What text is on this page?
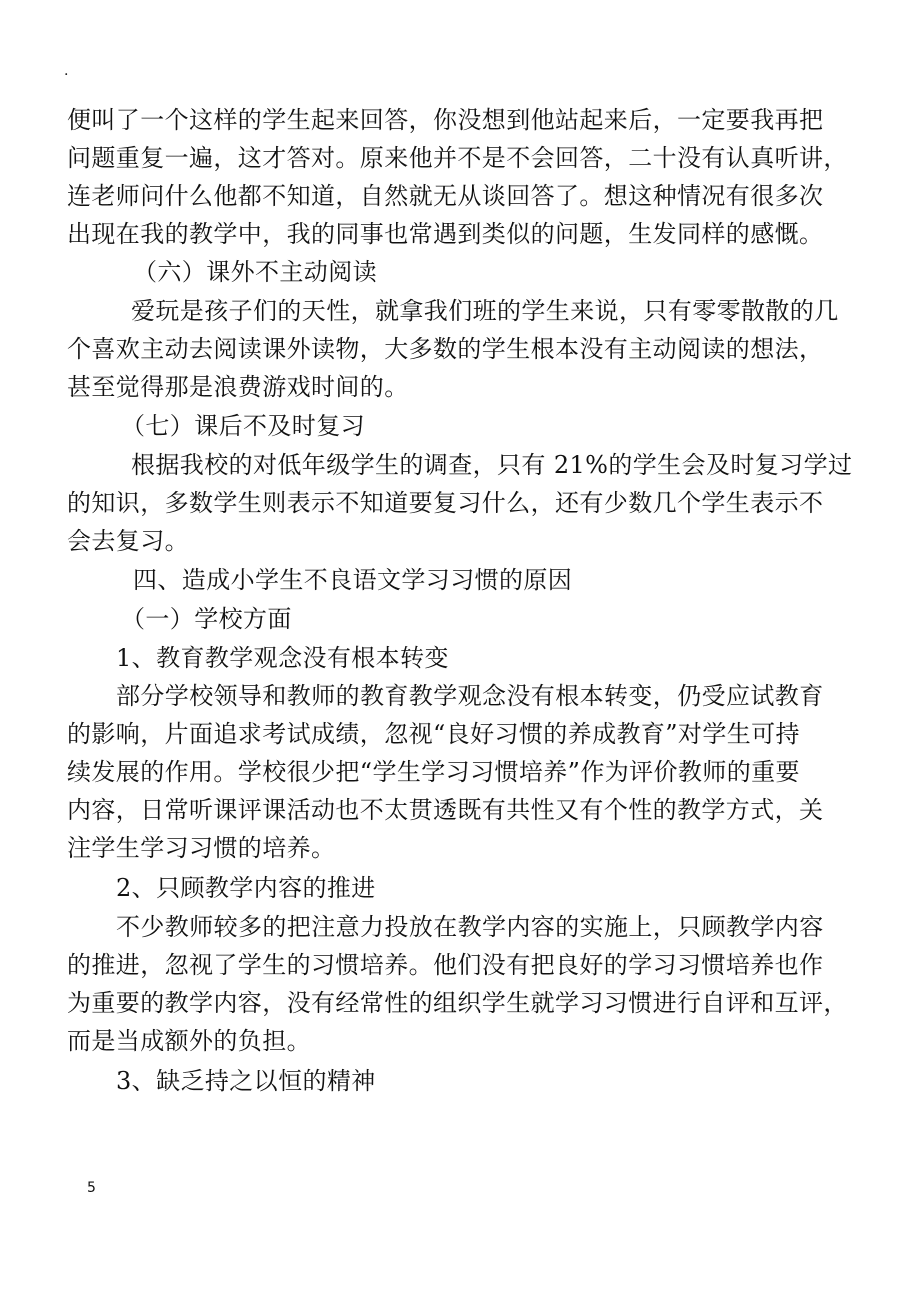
.
便叫了一个这样的学生起来回答，你没想到他站起来后，一定要我再把
问题重复一遍，这才答对。原来他并不是不会回答，二十没有认真听讲，
连老师问什么他都不知道，自然就无从谈回答了。想这种情况有很多次
出现在我的教学中，我的同事也常遇到类似的问题，生发同样的感慨。
（六）课外不主动阅读
爱玩是孩子们的天性，就拿我们班的学生来说，只有零零散散的几
个喜欢主动去阅读课外读物，大多数的学生根本没有主动阅读的想法，
甚至觉得那是浪费游戏时间的。
（七）课后不及时复习
根据我校的对低年级学生的调查，只有 21%的学生会及时复习学过
的知识，多数学生则表示不知道要复习什么，还有少数几个学生表示不
会去复习。
四、造成小学生不良语文学习习惯的原因
（一）学校方面
1、教育教学观念没有根本转变
部分学校领导和教师的教育教学观念没有根本转变，仍受应试教育
的影响，片面追求考试成绩，忽视“良好习惯的养成教育”对学生可持
续发展的作用。学校很少把“学生学习习惯培养”作为评价教师的重要
内容，日常听课评课活动也不太贯透既有共性又有个性的教学方式，关
注学生学习习惯的培养。
2、只顾教学内容的推进
不少教师较多的把注意力投放在教学内容的实施上，只顾教学内容
的推进，忽视了学生的习惯培养。他们没有把良好的学习习惯培养也作
为重要的教学内容，没有经常性的组织学生就学习习惯进行自评和互评，
而是当成额外的负担。
3、缺乏持之以恒的精神
5
